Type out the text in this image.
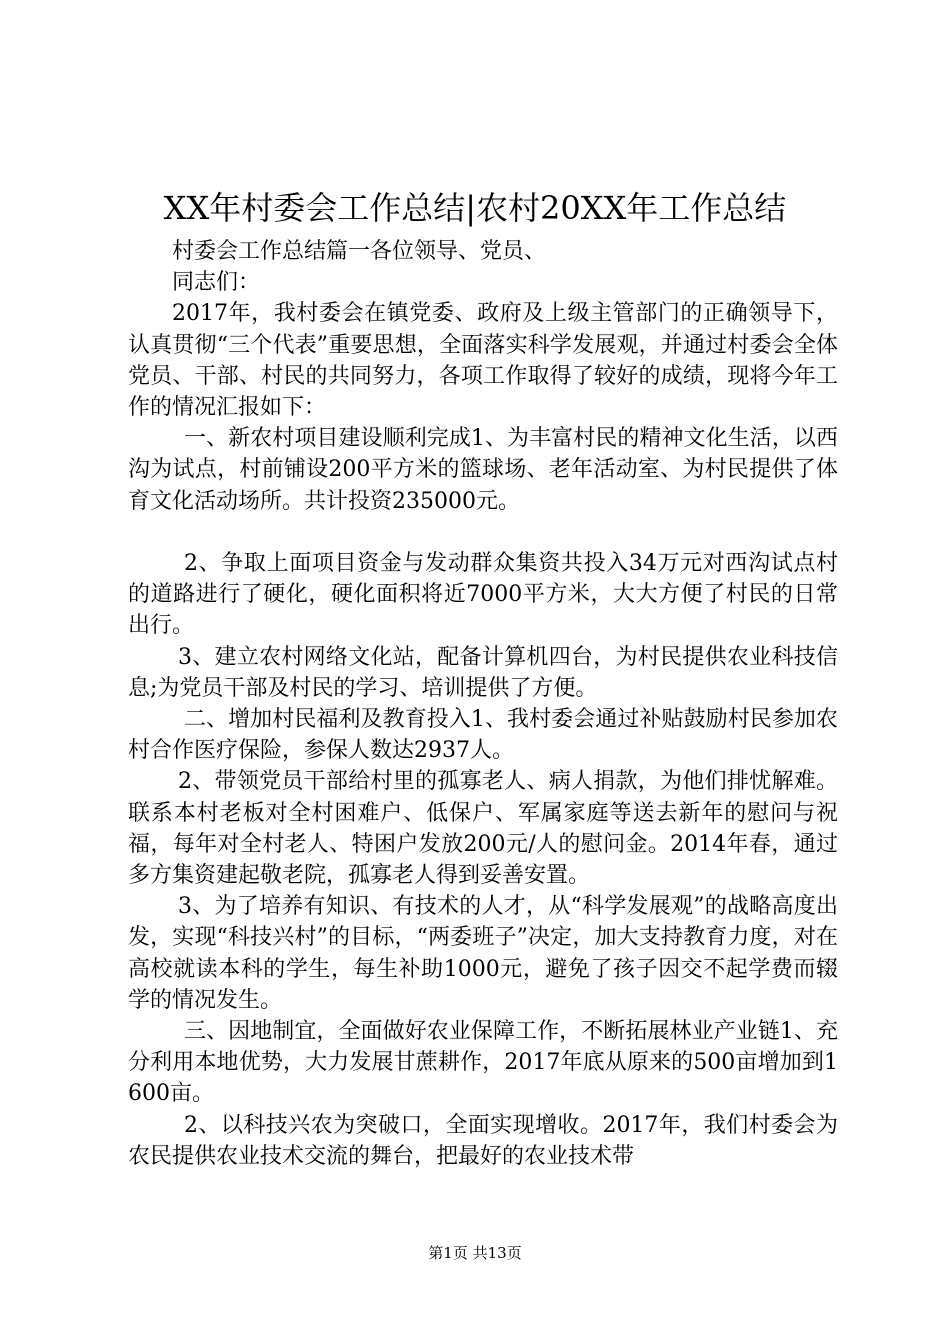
XX年村委会工作总结|农村20XX年工作总结

村委会工作总结篇一各位领导、党员、

同志们：

2017年，我村委会在镇党委、政府及上级主管部门的正确领导下，认真贯彻“三个代表”重要思想，全面落实科学发展观，并通过村委会全体党员、干部、村民的共同努力，各项工作取得了较好的成绩，现将今年工作的情况汇报如下：

一、新农村项目建设顺利完成1、为丰富村民的精神文化生活，以西沟为试点，村前铺设200平方米的篮球场、老年活动室、为村民提供了体育文化活动场所。共计投资235000元。

2、争取上面项目资金与发动群众集资共投入34万元对西沟试点村的道路进行了硬化，硬化面积将近7000平方米，大大方便了村民的日常出行。

3、建立农村网络文化站，配备计算机四台，为村民提供农业科技信息;为党员干部及村民的学习、培训提供了方便。

二、增加村民福利及教育投入1、我村委会通过补贴鼓励村民参加农村合作医疗保险，参保人数达2937人。

2、带领党员干部给村里的孤寡老人、病人捐款，为他们排忧解难。联系本村老板对全村困难户、低保户、军属家庭等送去新年的慰问与祝福，每年对全村老人、特困户发放200元/人的慰问金。2014年春，通过多方集资建起敬老院，孤寡老人得到妥善安置。

3、为了培养有知识、有技术的人才，从“科学发展观”的战略高度出发，实现“科技兴村”的目标，“两委班子”决定，加大支持教育力度，对在高校就读本科的学生，每生补助1000元，避免了孩子因交不起学费而辍学的情况发生。

三、因地制宜，全面做好农业保障工作，不断拓展林业产业链1、充分利用本地优势，大力发展甘蔗耕作，2017年底从原来的500亩增加到1600亩。

2、以科技兴农为突破口，全面实现增收。2017年，我们村委会为农民提供农业技术交流的舞台，把最好的农业技术带

第1页 共13页
